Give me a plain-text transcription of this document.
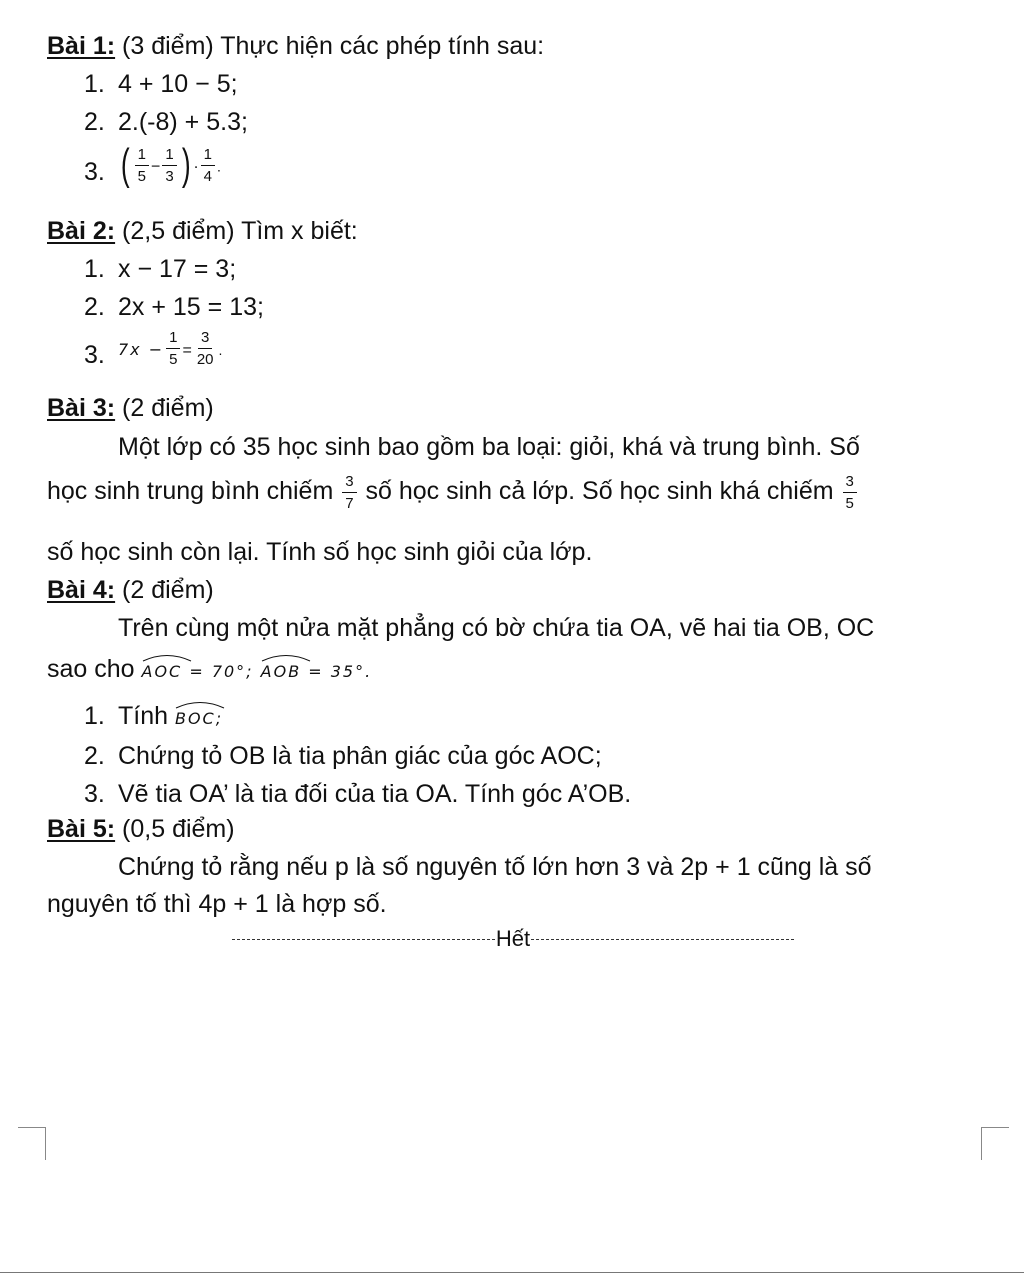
Bài 1: (3 điểm) Thực hiện các phép tính sau:
1. 4 + 10 − 5;
2. 2.(-8) + 5.3;
3. ( $\frac{1}{5} - \frac{1}{3}$ ) · $\frac{1}{4}$ .
Bài 2: (2,5 điểm) Tìm x biết:
1. x − 17 = 3;
2. 2x + 15 = 13;
3. $7x - \frac{1}{5} = \frac{3}{20}$ .
Bài 3: (2 điểm)
Một lớp có 35 học sinh bao gồm ba loại: giỏi, khá và trung bình. Số
học sinh trung bình chiếm $\frac{3}{7}$ số học sinh cả lớp. Số học sinh khá chiếm $\frac{3}{5}$
số học sinh còn lại. Tính số học sinh giỏi của lớp.
Bài 4: (2 điểm)
Trên cùng một nửa mặt phẳng có bờ chứa tia OA, vẽ hai tia OB, OC
sao cho
AOC = 70°;
AOB = 35°.
1. Tính
BOC;
2. Chứng tỏ OB là tia phân giác của góc AOC;
3. Vẽ tia OA’ là tia đối của tia OA. Tính góc A’OB.
Bài 5: (0,5 điểm)
Chứng tỏ rằng nếu p là số nguyên tố lớn hơn 3 và 2p + 1 cũng là số
nguyên tố thì 4p + 1 là hợp số.
Hết
